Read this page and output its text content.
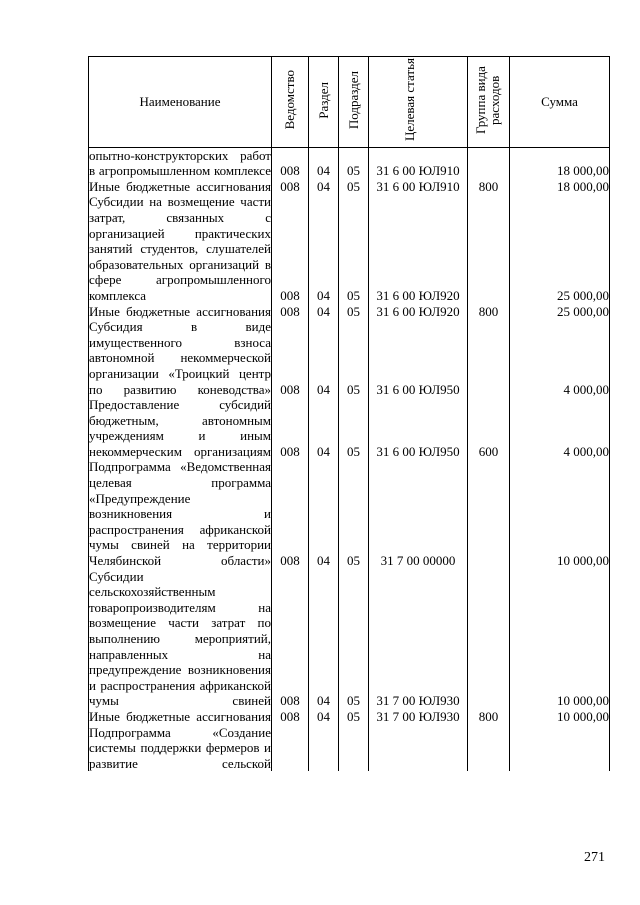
Наименование	Ведомство	Раздел	Подраздел	Целевая статья	Группа вида расходов	Сумма
опытно-конструкторских работ в агропромышленном комплексе	008	04	05	31 6 00 ЮЛ910		18 000,00
Иные бюджетные ассигнования	008	04	05	31 6 00 ЮЛ910	800	18 000,00
Субсидии на возмещение части затрат, связанных с организацией практических занятий студентов, слушателей образовательных организаций в сфере агропромышленного комплекса	008	04	05	31 6 00 ЮЛ920		25 000,00
Иные бюджетные ассигнования	008	04	05	31 6 00 ЮЛ920	800	25 000,00
Субсидия в виде имущественного взноса автономной некоммерческой организации «Троицкий центр по развитию коневодства»	008	04	05	31 6 00 ЮЛ950		4 000,00
Предоставление субсидий бюджетным, автономным учреждениям и иным некоммерческим организациям	008	04	05	31 6 00 ЮЛ950	600	4 000,00
Подпрограмма «Ведомственная целевая программа «Предупреждение возникновения и распространения африканской чумы свиней на территории Челябинской области»	008	04	05	31 7 00 00000		10 000,00
Субсидии сельскохозяйственным товаропроизводителям на возмещение части затрат по выполнению мероприятий, направленных на предупреждение возникновения и распространения африканской чумы свиней	008	04	05	31 7 00 ЮЛ930		10 000,00
Иные бюджетные ассигнования	008	04	05	31 7 00 ЮЛ930	800	10 000,00
Подпрограмма «Создание системы поддержки фермеров и развитие сельской						
271
